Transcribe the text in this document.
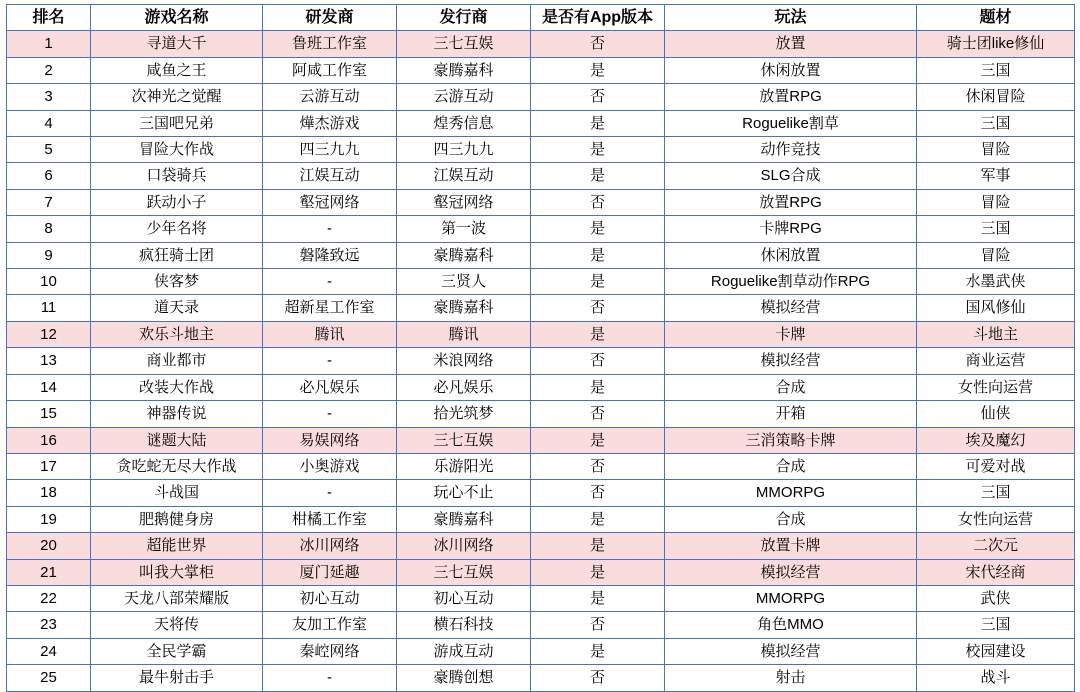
排名	游戏名称	研发商	发行商	是否有App版本	玩法	题材
1	寻道大千	鲁班工作室	三七互娱	否	放置	骑士团like修仙
2	咸鱼之王	阿咸工作室	豪腾嘉科	是	休闲放置	三国
3	次神光之觉醒	云游互动	云游互动	否	放置RPG	休闲冒险
4	三国吧兄弟	燁杰游戏	煌秀信息	是	Roguelike割草	三国
5	冒险大作战	四三九九	四三九九	是	动作竞技	冒险
6	口袋骑兵	江娱互动	江娱互动	是	SLG合成	军事
7	跃动小子	壑冠网络	壑冠网络	否	放置RPG	冒险
8	少年名将	-	第一波	是	卡牌RPG	三国
9	疯狂骑士团	磐隆致远	豪腾嘉科	是	休闲放置	冒险
10	侠客梦	-	三贤人	是	Roguelike割草动作RPG	水墨武侠
11	道天录	超新星工作室	豪腾嘉科	否	模拟经营	国风修仙
12	欢乐斗地主	腾讯	腾讯	是	卡牌	斗地主
13	商业都市	-	米浪网络	否	模拟经营	商业运营
14	改装大作战	必凡娱乐	必凡娱乐	是	合成	女性向运营
15	神器传说	-	拾光筑梦	否	开箱	仙侠
16	谜题大陆	易娱网络	三七互娱	是	三消策略卡牌	埃及魔幻
17	贪吃蛇无尽大作战	小奥游戏	乐游阳光	否	合成	可爱对战
18	斗战国	-	玩心不止	否	MMORPG	三国
19	肥鹅健身房	柑橘工作室	豪腾嘉科	是	合成	女性向运营
20	超能世界	冰川网络	冰川网络	是	放置卡牌	二次元
21	叫我大掌柜	厦门延趣	三七互娱	是	模拟经营	宋代经商
22	天龙八部荣耀版	初心互动	初心互动	是	MMORPG	武侠
23	天将传	友加工作室	横石科技	否	角色MMO	三国
24	全民学霸	秦崆网络	游成互动	是	模拟经营	校园建设
25	最牛射击手	-	豪腾创想	否	射击	战斗
